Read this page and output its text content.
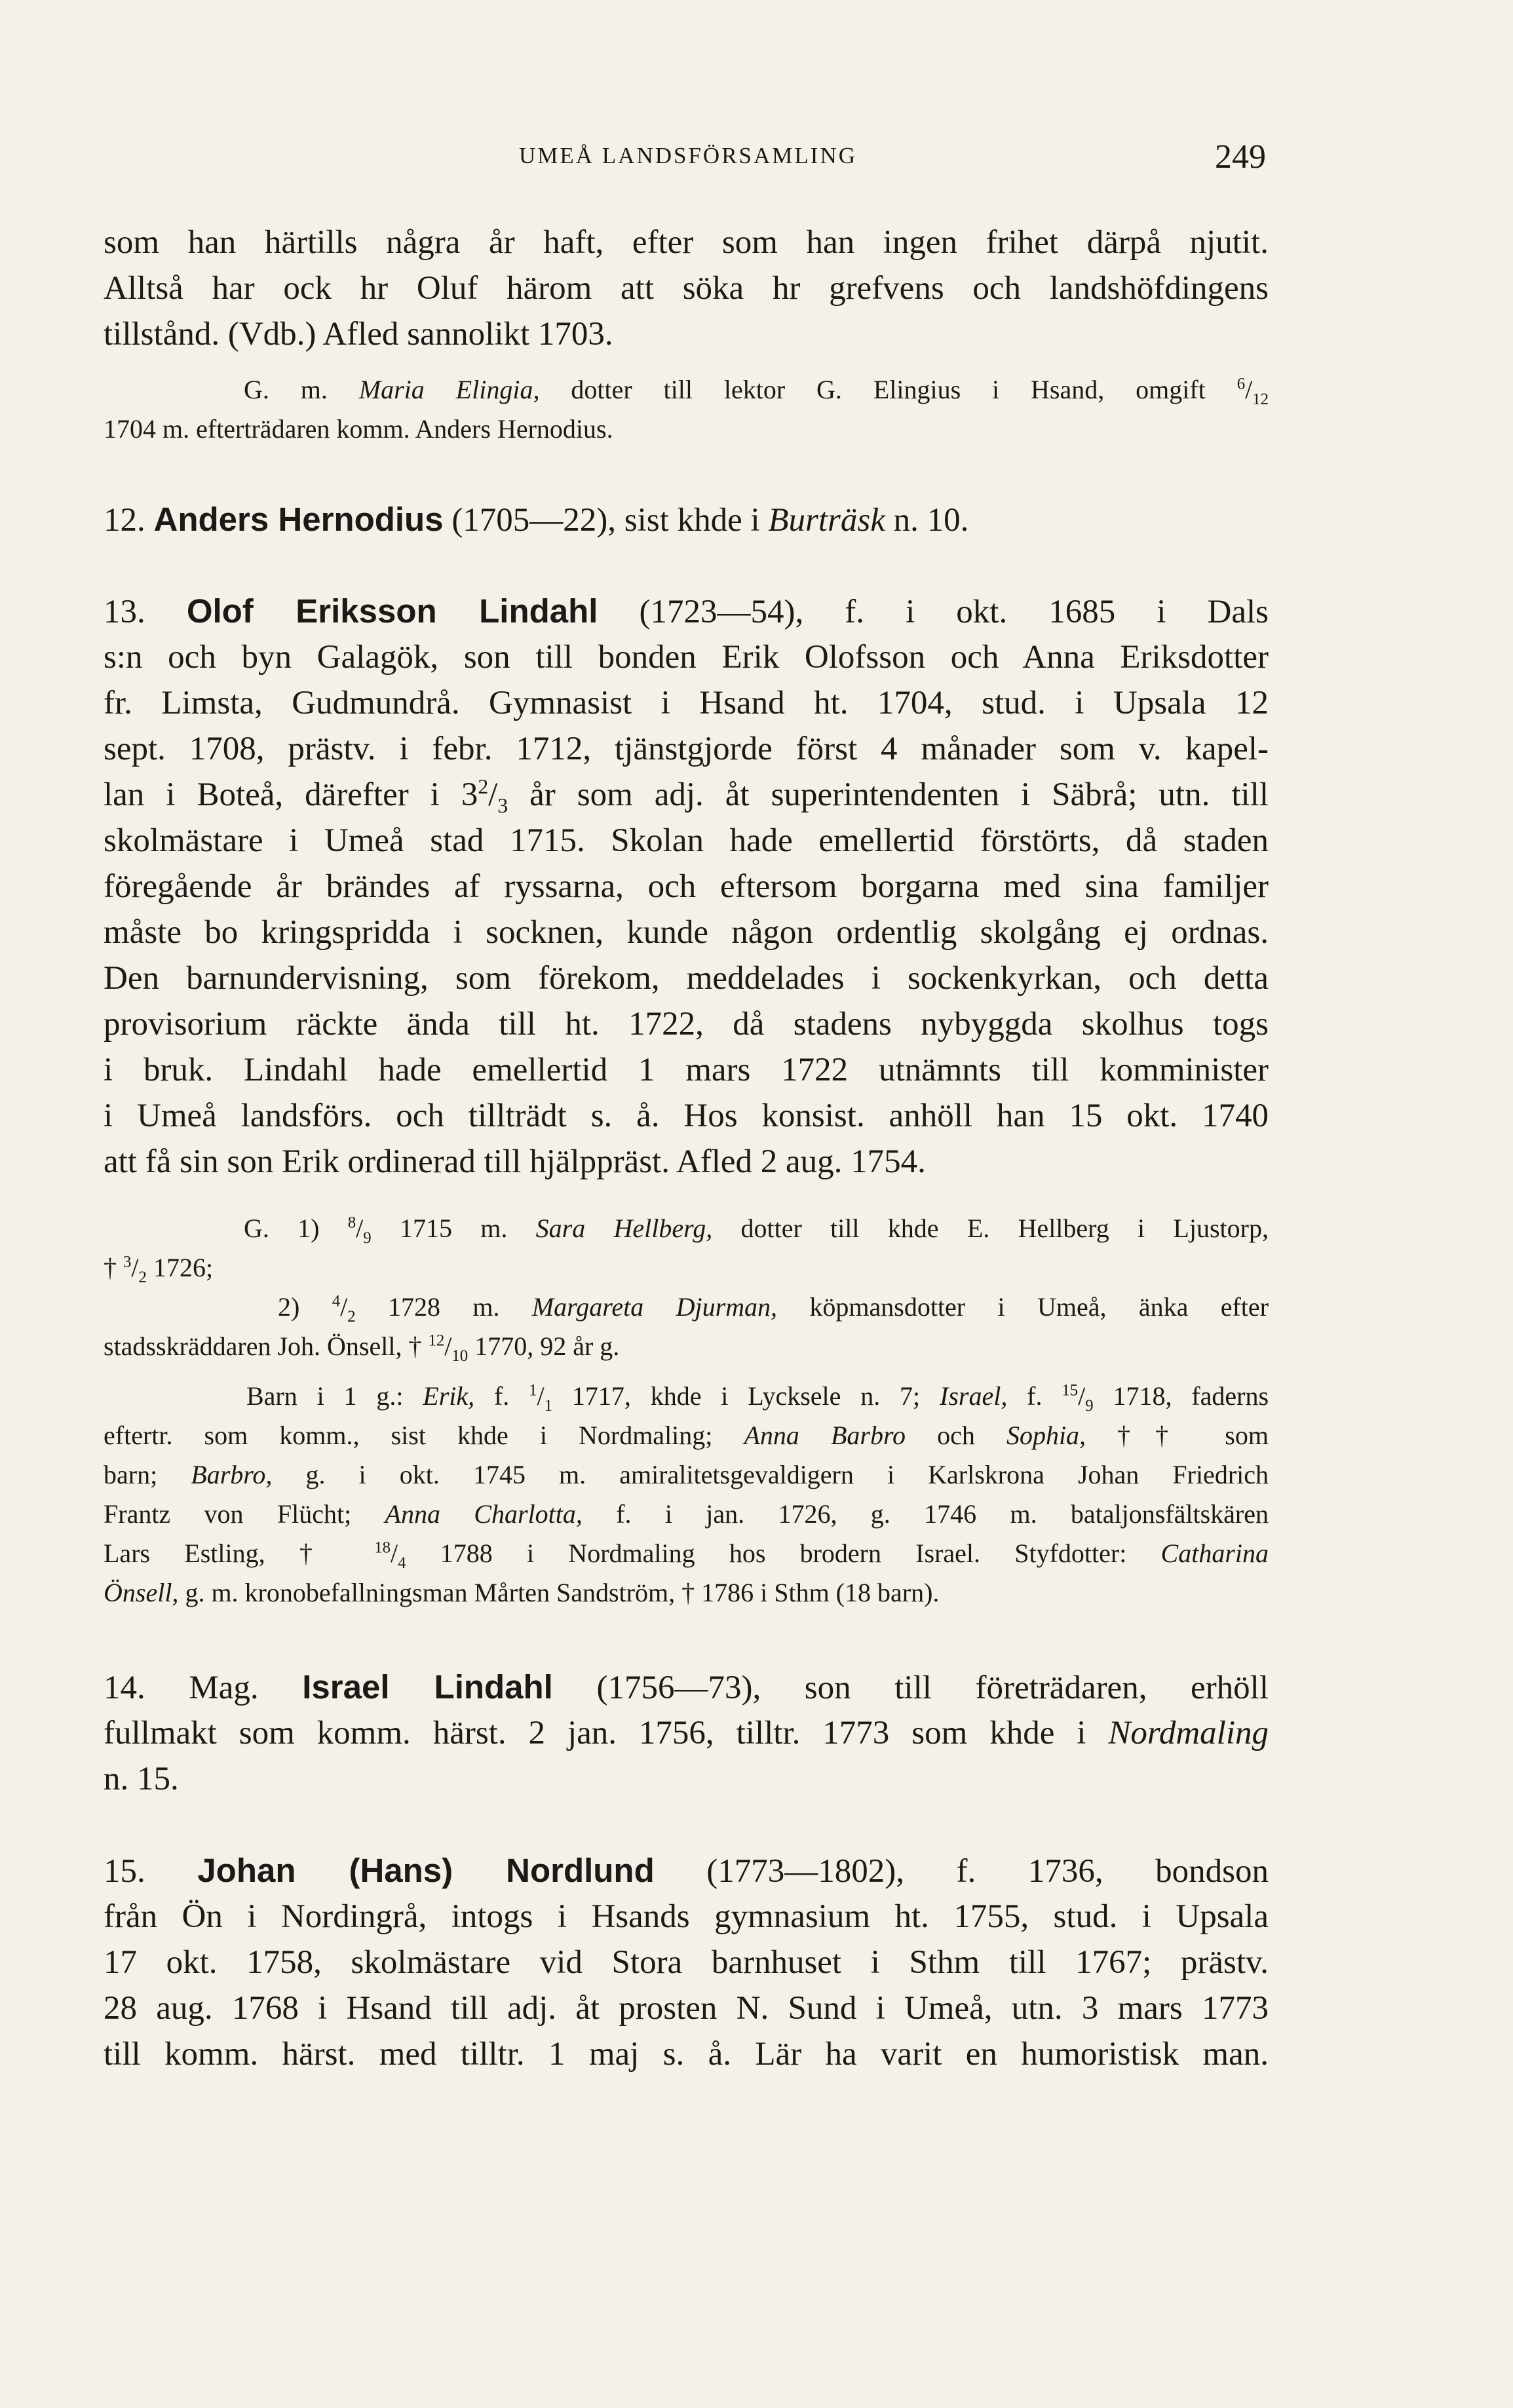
UMEÅ LANDSFÖRSAMLING	249
som han härtills några år haft, efter som han ingen frihet därpå njutit.
Alltså har ock hr Oluf härom att söka hr grefvens och landshöfdingens
tillstånd. (Vdb.) Afled sannolikt 1703.
G. m. Maria Elingia, dotter till lektor G. Elingius i Hsand, omgift $^6/_{12}$
1704 m. efterträdaren komm. Anders Hernodius.
12. Anders Hernodius (1705—22), sist khde i Burträsk n. 10.
13. Olof Eriksson Lindahl (1723—54), f. i okt. 1685 i Dals
s:n och byn Galagök, son till bonden Erik Olofsson och Anna Eriksdotter
fr. Limsta, Gudmundrå. Gymnasist i Hsand ht. 1704, stud. i Upsala 12
sept. 1708, prästv. i febr. 1712, tjänstgjorde först 4 månader som v. kapel-
lan i Boteå, därefter i $3^2/_3$ år som adj. åt superintendenten i Säbrå; utn. till
skolmästare i Umeå stad 1715. Skolan hade emellertid förstörts, då staden
föregående år brändes af ryssarna, och eftersom borgarna med sina familjer
måste bo kringspridda i socknen, kunde någon ordentlig skolgång ej ordnas.
Den barnundervisning, som förekom, meddelades i sockenkyrkan, och detta
provisorium räckte ända till ht. 1722, då stadens nybyggda skolhus togs
i bruk. Lindahl hade emellertid 1 mars 1722 utnämnts till komminister
i Umeå landsförs. och tillträdt s. å. Hos konsist. anhöll han 15 okt. 1740
att få sin son Erik ordinerad till hjälppräst. Afled 2 aug. 1754.
G. 1) $^8/_9$ 1715 m. Sara Hellberg, dotter till khde E. Hellberg i Ljustorp,
† $^3/_2$ 1726;
2) $^4/_2$ 1728 m. Margareta Djurman, köpmansdotter i Umeå, änka efter
stadsskräddaren Joh. Önsell, † $^{12}/_{10}$ 1770, 92 år g.
Barn i 1 g.: Erik, f. $^1/_1$ 1717, khde i Lycksele n. 7; Israel, f. $^{15}/_9$ 1718, faderns
eftertr. som komm., sist khde i Nordmaling; Anna Barbro och Sophia, †† som
barn; Barbro, g. i okt. 1745 m. amiralitetsgevaldigern i Karlskrona Johan Friedrich
Frantz von Flücht; Anna Charlotta, f. i jan. 1726, g. 1746 m. bataljonsfältskären
Lars Estling, † $^{18}/_4$ 1788 i Nordmaling hos brodern Israel. Styfdotter: Catharina
Önsell, g. m. kronobefallningsman Mårten Sandström, † 1786 i Sthm (18 barn).
14. Mag. Israel Lindahl (1756—73), son till företrädaren, erhöll
fullmakt som komm. härst. 2 jan. 1756, tilltr. 1773 som khde i Nordmaling
n. 15.
15. Johan (Hans) Nordlund (1773—1802), f. 1736, bondson
från Ön i Nordingrå, intogs i Hsands gymnasium ht. 1755, stud. i Upsala
17 okt. 1758, skolmästare vid Stora barnhuset i Sthm till 1767; prästv.
28 aug. 1768 i Hsand till adj. åt prosten N. Sund i Umeå, utn. 3 mars 1773
till komm. härst. med tilltr. 1 maj s. å. Lär ha varit en humoristisk man.
